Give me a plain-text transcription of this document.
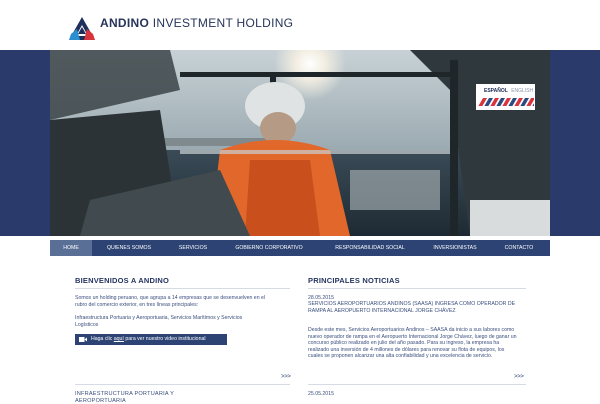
ANDINO INVESTMENT HOLDING
ESPAÑOL ENGLISH
HOME	QUIENES SOMOS	SERVICIOS	GOBIERNO CORPORATIVO	RESPONSABILIDAD SOCIAL	INVERSIONISTAS	CONTACTO
BIENVENIDOS A ANDINO
Somos un holding peruano, que agrupa a 14 empresas que se desenvuelven en el rubro del comercio exterior, en tres líneas principales:
Infraestructura Portuaria y Aeroportuaria, Servicios Marítimos y Servicios Logísticos
Haga clic aquí para ver nuestro video institucional
>>>
INFRAESTRUCTURA PORTUARIA Y AEROPORTUARIA
PRINCIPALES NOTICIAS
28.05.2015
SERVICIOS AEROPORTUARIOS ANDINOS (SAASA) INGRESA COMO OPERADOR DE RAMPA AL AEROPUERTO INTERNACIONAL JORGE CHÁVEZ
Desde este mes, Servicios Aeroportuarios Andinos – SAASA da inicio a sus labores como nuevo operador de rampa en el Aeropuerto Internacional Jorge Chávez, luego de ganar un concurso público realizado en julio del año pasado. Para su ingreso, la empresa ha realizado una inversión de 4 millones de dólares para renovar su flota de equipos, los cuales se proponen alcanzar una alta confiabilidad y una excelencia de servicio.
>>>
25.05.2015
